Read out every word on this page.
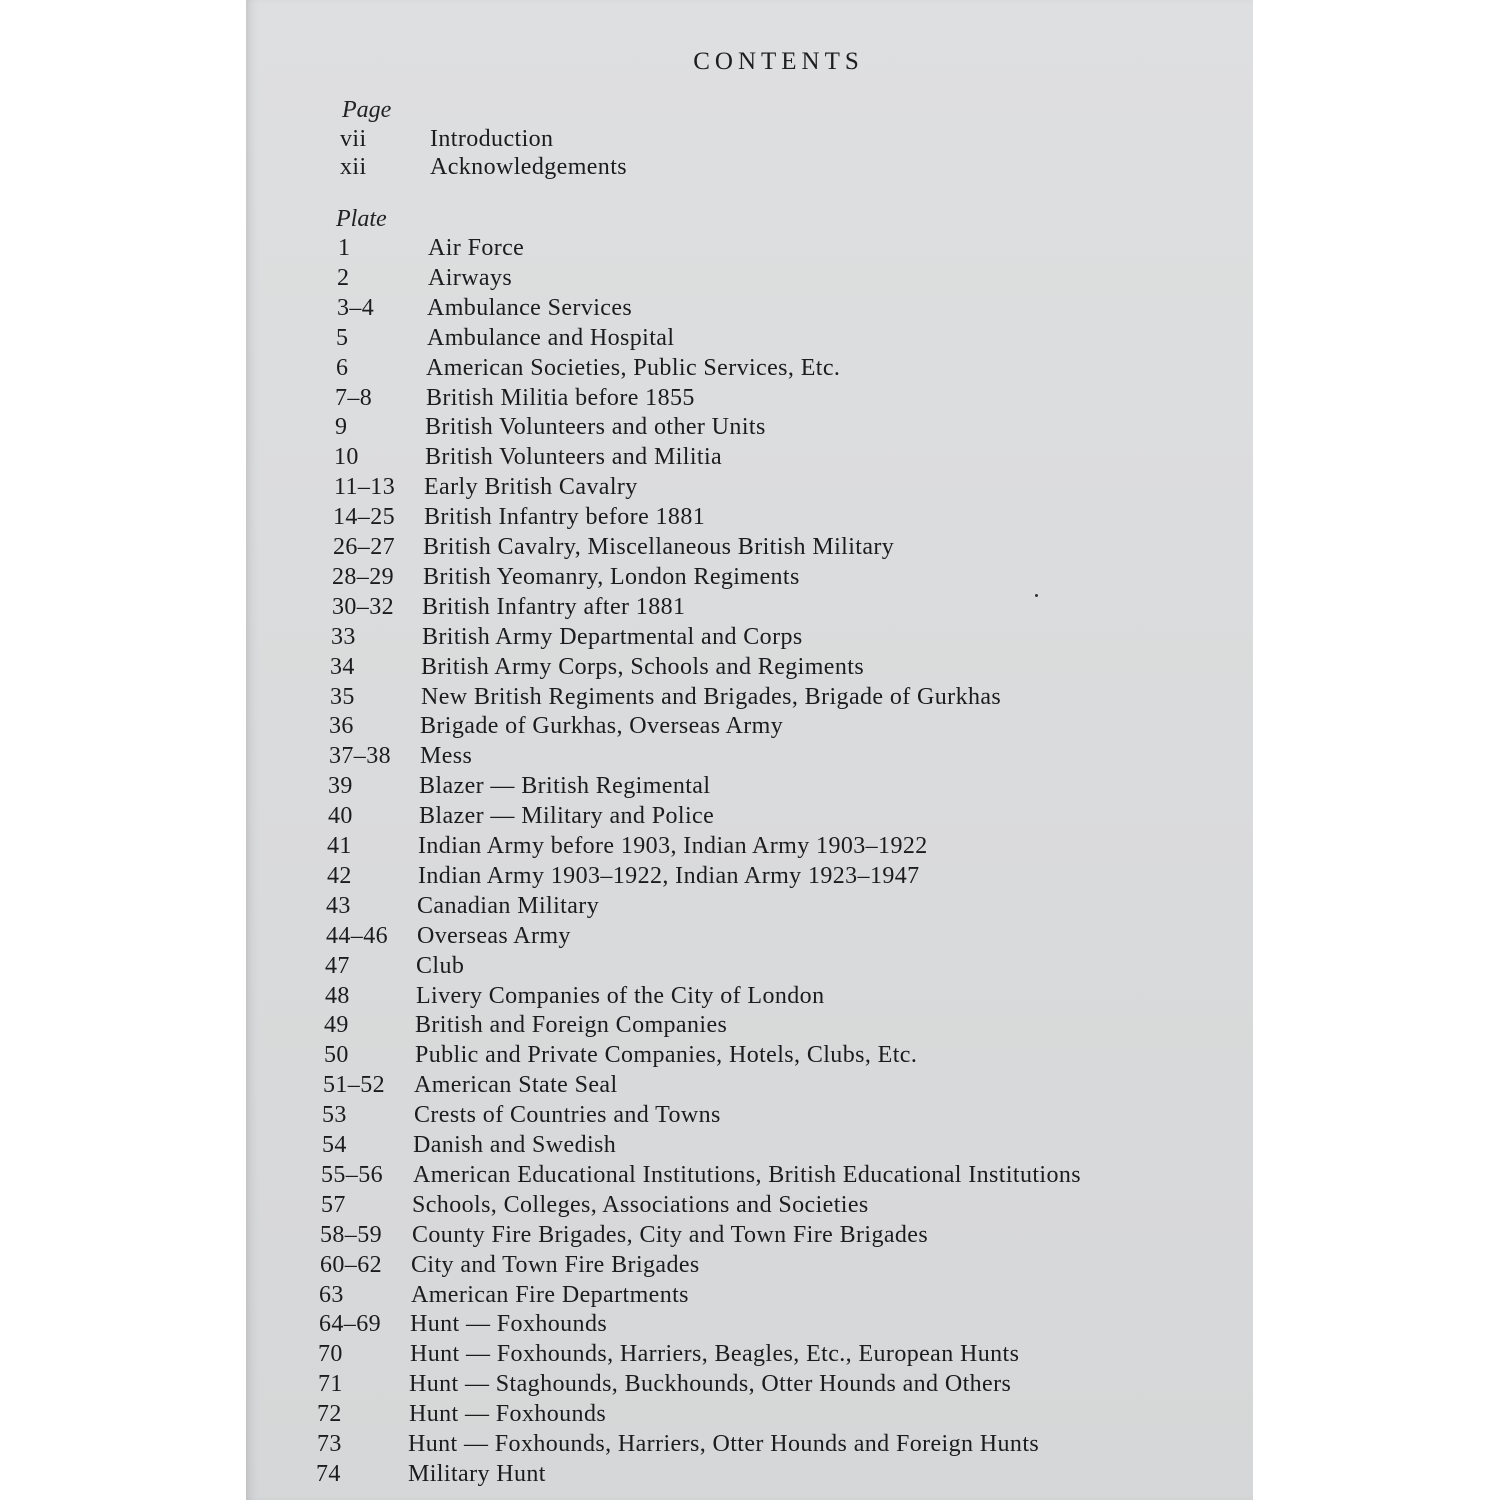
CONTENTS
Page
vii	Introduction
xii	Acknowledgements
Plate
1	Air Force
2	Airways
3–4 Ambulance Services
5	Ambulance and Hospital
6	American Societies, Public Services, Etc.
7–8 British Militia before 1855
9	British Volunteers and other Units
10	British Volunteers and Militia
11–13 Early British Cavalry
14–25 British Infantry before 1881
26–27 British Cavalry, Miscellaneous British Military
28–29 British Yeomanry, London Regiments
30–32 British Infantry after 1881
33	British Army Departmental and Corps
34	British Army Corps, Schools and Regiments
35	New British Regiments and Brigades, Brigade of Gurkhas
36	Brigade of Gurkhas, Overseas Army
37–38 Mess
39	Blazer — British Regimental
40	Blazer — Military and Police
41	Indian Army before 1903, Indian Army 1903–1922
42	Indian Army 1903–1922, Indian Army 1923–1947
43	Canadian Military
44–46 Overseas Army
47	Club
48	Livery Companies of the City of London
49	British and Foreign Companies
50	Public and Private Companies, Hotels, Clubs, Etc.
51–52 American State Seal
53	Crests of Countries and Towns
54	Danish and Swedish
55–56 American Educational Institutions, British Educational Institutions
57	Schools, Colleges, Associations and Societies
58–59 County Fire Brigades, City and Town Fire Brigades
60–62 City and Town Fire Brigades
63	American Fire Departments
64–69 Hunt — Foxhounds
70	Hunt — Foxhounds, Harriers, Beagles, Etc., European Hunts
71	Hunt — Staghounds, Buckhounds, Otter Hounds and Others
72	Hunt — Foxhounds
73	Hunt — Foxhounds, Harriers, Otter Hounds and Foreign Hunts
74	Military Hunt
